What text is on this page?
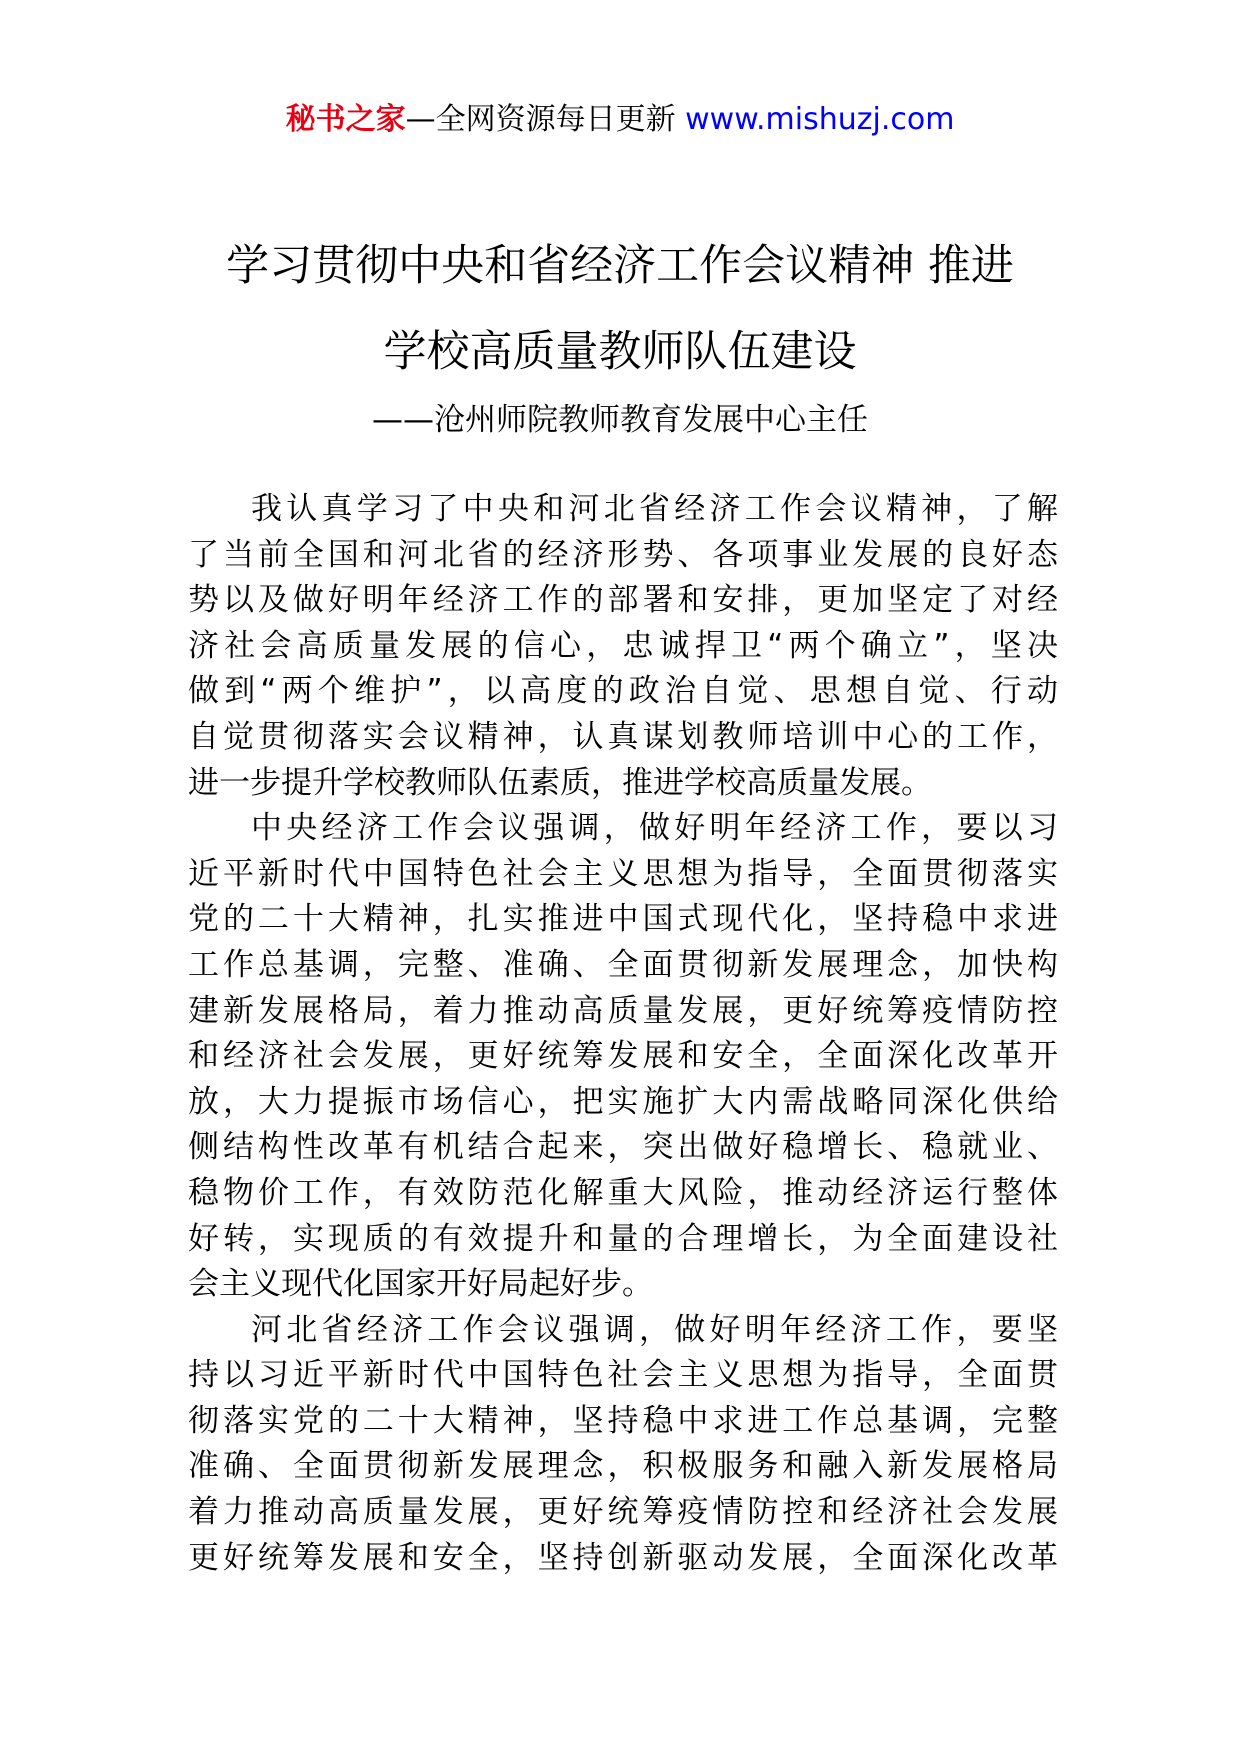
秘书之家—全网资源每日更新 www.mishuzj.com
学习贯彻中央和省经济工作会议精神 推进
学校高质量教师队伍建设
——沧州师院教师教育发展中心主任
我认真学习了中央和河北省经济工作会议精神，了解
了当前全国和河北省的经济形势、各项事业发展的良好态
势以及做好明年经济工作的部署和安排，更加坚定了对经
济社会高质量发展的信心，忠诚捍卫“两个确立”，坚决
做到“两个维护”，以高度的政治自觉、思想自觉、行动
自觉贯彻落实会议精神，认真谋划教师培训中心的工作，
进一步提升学校教师队伍素质，推进学校高质量发展。
中央经济工作会议强调，做好明年经济工作，要以习
近平新时代中国特色社会主义思想为指导，全面贯彻落实
党的二十大精神，扎实推进中国式现代化，坚持稳中求进
工作总基调，完整、准确、全面贯彻新发展理念，加快构
建新发展格局，着力推动高质量发展，更好统筹疫情防控
和经济社会发展，更好统筹发展和安全，全面深化改革开
放，大力提振市场信心，把实施扩大内需战略同深化供给
侧结构性改革有机结合起来，突出做好稳增长、稳就业、
稳物价工作，有效防范化解重大风险，推动经济运行整体
好转，实现质的有效提升和量的合理增长，为全面建设社
会主义现代化国家开好局起好步。
河北省经济工作会议强调，做好明年经济工作，要坚
持以习近平新时代中国特色社会主义思想为指导，全面贯
彻落实党的二十大精神，坚持稳中求进工作总基调，完整
准确、全面贯彻新发展理念，积极服务和融入新发展格局
着力推动高质量发展，更好统筹疫情防控和经济社会发展
更好统筹发展和安全，坚持创新驱动发展，全面深化改革
